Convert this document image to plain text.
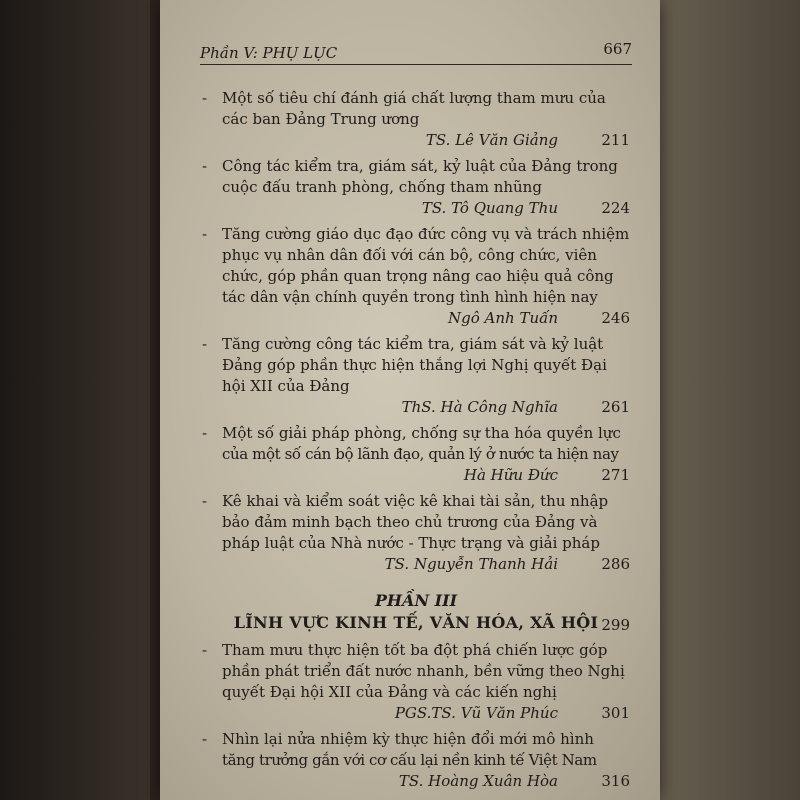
Phần V: PHỤ LỤC	667
- Một số tiêu chí đánh giá chất lượng tham mưu của
các ban Đảng Trung ương
TS. Lê Văn Giảng	211
- Công tác kiểm tra, giám sát, kỷ luật của Đảng trong
cuộc đấu tranh phòng, chống tham nhũng
TS. Tô Quang Thu	224
- Tăng cường giáo dục đạo đức công vụ và trách nhiệm
phục vụ nhân dân đối với cán bộ, công chức, viên
chức, góp phần quan trọng nâng cao hiệu quả công
tác dân vận chính quyền trong tình hình hiện nay
Ngô Anh Tuấn	246
- Tăng cường công tác kiểm tra, giám sát và kỷ luật
Đảng góp phần thực hiện thắng lợi Nghị quyết Đại
hội XII của Đảng
ThS. Hà Công Nghĩa	261
- Một số giải pháp phòng, chống sự tha hóa quyền lực
của một số cán bộ lãnh đạo, quản lý ở nước ta hiện nay
Hà Hữu Đức	271
- Kê khai và kiểm soát việc kê khai tài sản, thu nhập
bảo đảm minh bạch theo chủ trương của Đảng và
pháp luật của Nhà nước - Thực trạng và giải pháp
TS. Nguyễn Thanh Hải	286
PHẦN III
LĨNH VỰC KINH TẾ, VĂN HÓA, XÃ HỘI 299
- Tham mưu thực hiện tốt ba đột phá chiến lược góp
phần phát triển đất nước nhanh, bền vững theo Nghị
quyết Đại hội XII của Đảng và các kiến nghị
PGS.TS. Vũ Văn Phúc	301
- Nhìn lại nửa nhiệm kỳ thực hiện đổi mới mô hình
tăng trưởng gắn với cơ cấu lại nền kinh tế Việt Nam
TS. Hoàng Xuân Hòa	316
